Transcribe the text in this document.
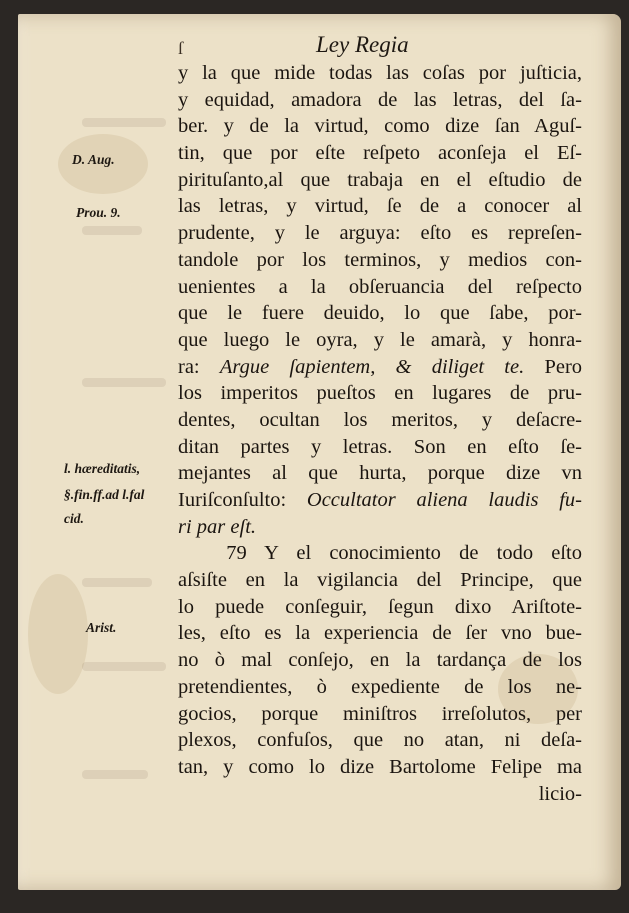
ſ	Ley Regia
D. Aug.
Prou. 9.
l. hæreditatis,
§.fin.ff.ad l.fal
cid.
Arist.
y la que mide todas las coſas por juſticia,
y equidad, amadora de las letras, del ſa-
ber. y de la virtud, como dize ſan Aguſ-
tin, que por eſte reſpeto aconſeja el Eſ-
pirituſanto,al que trabaja en el eſtudio de
las letras, y virtud, ſe de a conocer al
prudente, y le arguya: eſto es repreſen-
tandole por los terminos, y medios con-
uenientes a la obſeruancia del reſpecto
que le fuere deuido, lo que ſabe, por-
que luego le oyra, y le amarà, y honra-
ra: Argue ſapientem, & diliget te. Pero
los imperitos pueſtos en lugares de pru-
dentes, ocultan los meritos, y deſacre-
ditan partes y letras. Son en eſto ſe-
mejantes al que hurta, porque dize vn
Iuriſconſulto: Occultator aliena laudis fu-
ri par eſt.
79 Y el conocimiento de todo eſto
aſsiſte en la vigilancia del Principe, que
lo puede conſeguir, ſegun dixo Ariſtote-
les, eſto es la experiencia de ſer vno bue-
no ò mal conſejo, en la tardança de los
pretendientes, ò expediente de los ne-
gocios, porque miniſtros irreſolutos, per
plexos, confuſos, que no atan, ni deſa-
tan, y como lo dize Bartolome Felipe ma
licio-
